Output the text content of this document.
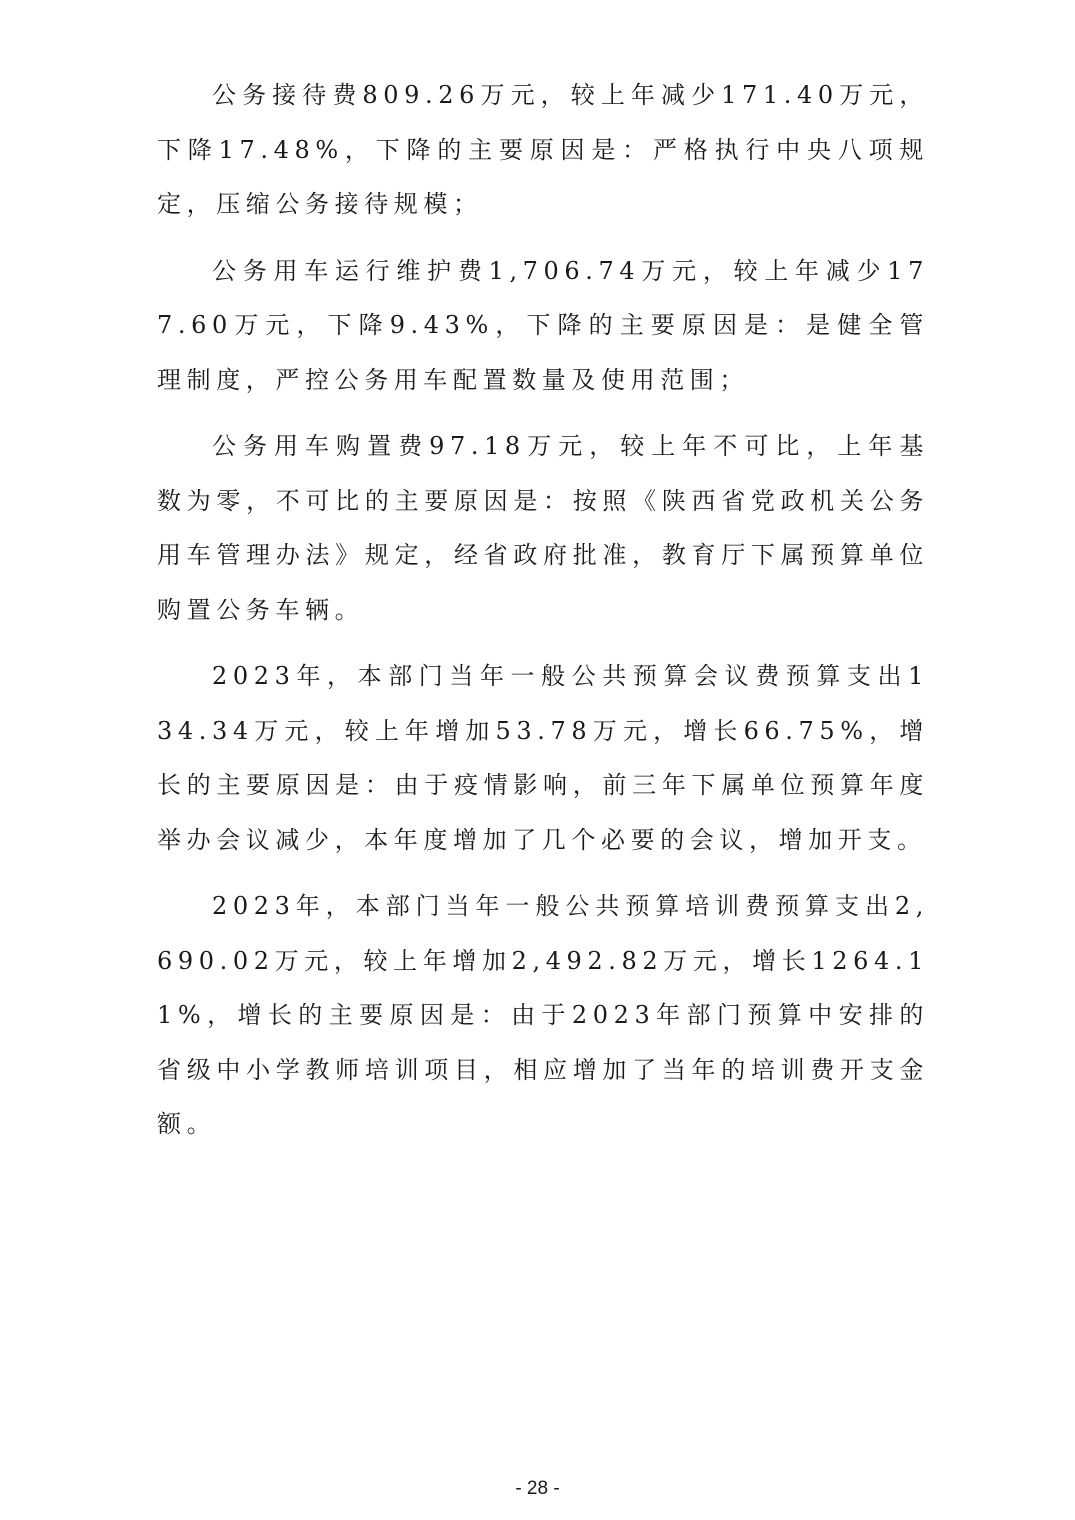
公务接待费809.26万元，较上年减少171.40万元，下降17.48%，下降的主要原因是：严格执行中央八项规定，压缩公务接待规模；

公务用车运行维护费1,706.74万元，较上年减少177.60万元，下降9.43%，下降的主要原因是：是健全管理制度，严控公务用车配置数量及使用范围；

公务用车购置费97.18万元，较上年不可比，上年基数为零，不可比的主要原因是：按照《陕西省党政机关公务用车管理办法》规定，经省政府批准，教育厅下属预算单位购置公务车辆。

2023年，本部门当年一般公共预算会议费预算支出134.34万元，较上年增加53.78万元，增长66.75%，增长的主要原因是：由于疫情影响，前三年下属单位预算年度举办会议减少，本年度增加了几个必要的会议，增加开支。

2023年，本部门当年一般公共预算培训费预算支出2,690.02万元，较上年增加2,492.82万元，增长1264.11%，增长的主要原因是：由于2023年部门预算中安排的省级中小学教师培训项目，相应增加了当年的培训费开支金额。

- 28 -
